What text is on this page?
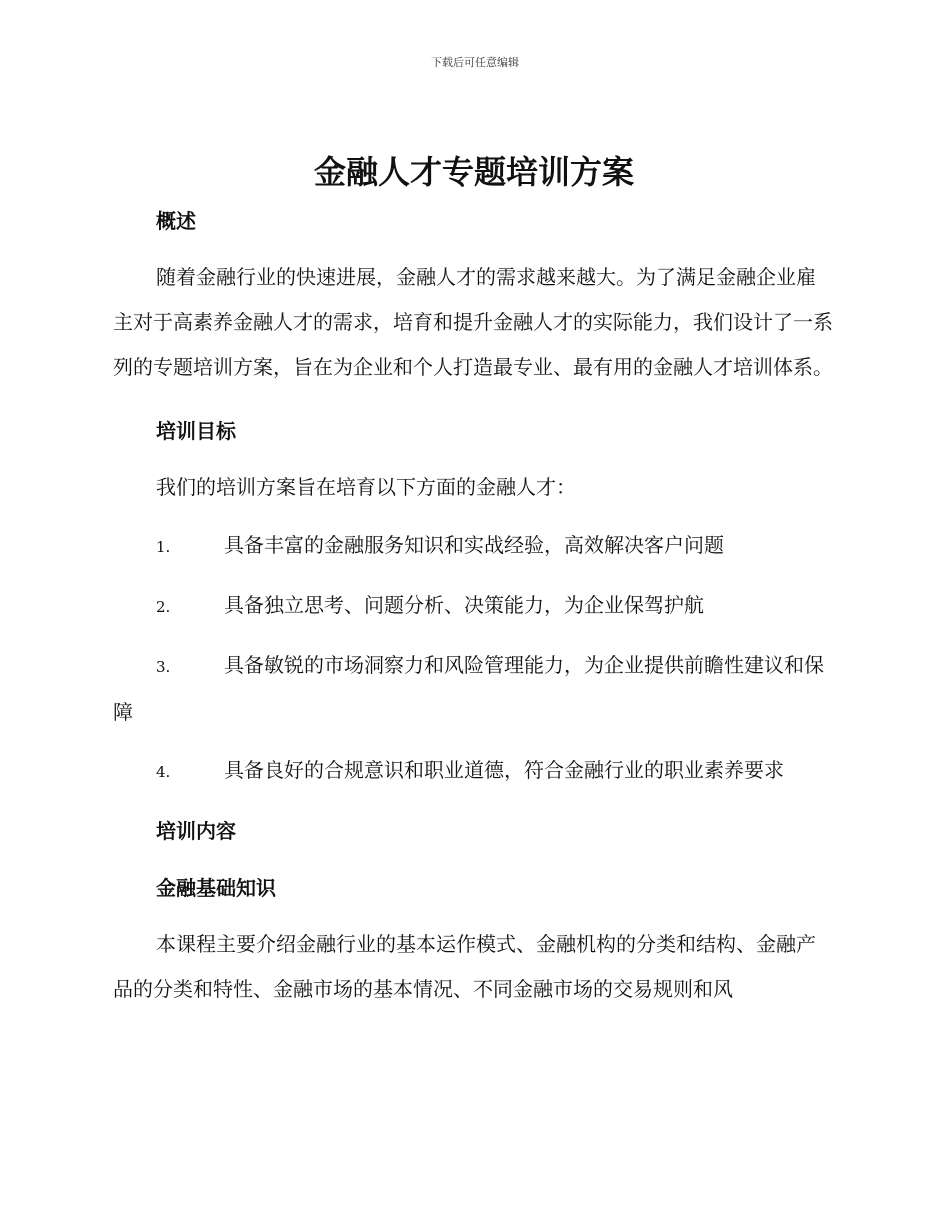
下载后可任意编辑
金融人才专题培训方案
概述

随着金融行业的快速进展，金融人才的需求越来越大。为了满足金融企业雇主对于高素养金融人才的需求，培育和提升金融人才的实际能力，我们设计了一系列的专题培训方案，旨在为企业和个人打造最专业、最有用的金融人才培训体系。

培训目标

我们的培训方案旨在培育以下方面的金融人才：

1.	具备丰富的金融服务知识和实战经验，高效解决客户问题

2.	具备独立思考、问题分析、决策能力，为企业保驾护航

3.	具备敏锐的市场洞察力和风险管理能力，为企业提供前瞻性建议和保障

4.	具备良好的合规意识和职业道德，符合金融行业的职业素养要求

培训内容
金融基础知识

本课程主要介绍金融行业的基本运作模式、金融机构的分类和结构、金融产品的分类和特性、金融市场的基本情况、不同金融市场的交易规则和风
